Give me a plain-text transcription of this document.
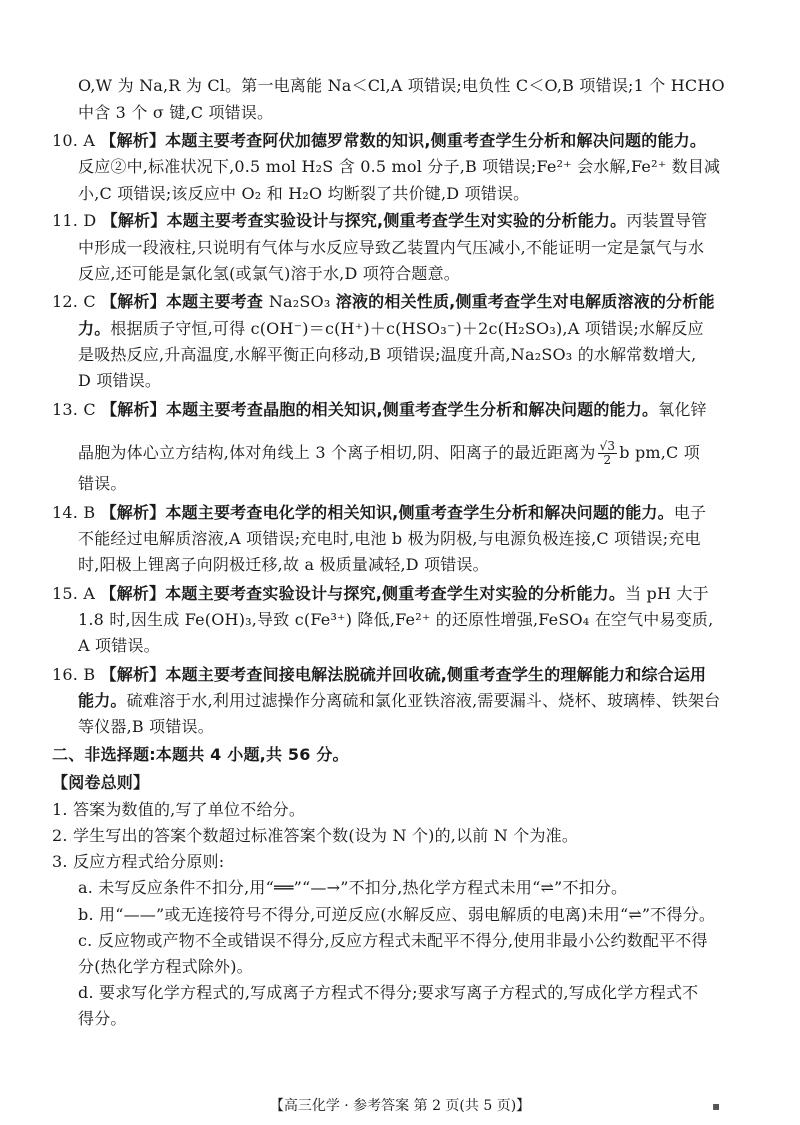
O,W 为 Na,R 为 Cl。第一电离能 Na＜Cl,A 项错误;电负性 C＜O,B 项错误;1 个 HCHO
中含 3 个 σ 键,C 项错误。
10. A 【解析】本题主要考查阿伏加德罗常数的知识,侧重考查学生分析和解决问题的能力。
反应②中,标准状况下,0.5 mol H₂S 含 0.5 mol 分子,B 项错误;Fe²⁺ 会水解,Fe²⁺ 数目减
小,C 项错误;该反应中 O₂ 和 H₂O 均断裂了共价键,D 项错误。
11. D 【解析】本题主要考查实验设计与探究,侧重考查学生对实验的分析能力。丙装置导管
中形成一段液柱,只说明有气体与水反应导致乙装置内气压减小,不能证明一定是氯气与水
反应,还可能是氯化氢(或氯气)溶于水,D 项符合题意。
12. C 【解析】本题主要考查 Na₂SO₃ 溶液的相关性质,侧重考查学生对电解质溶液的分析能
力。根据质子守恒,可得 c(OH⁻)＝c(H⁺)＋c(HSO₃⁻)＋2c(H₂SO₃),A 项错误;水解反应
是吸热反应,升高温度,水解平衡正向移动,B 项错误;温度升高,Na₂SO₃ 的水解常数增大,
D 项错误。
13. C 【解析】本题主要考查晶胞的相关知识,侧重考查学生分析和解决问题的能力。氧化锌
晶胞为体心立方结构,体对角线上 3 个离子相切,阴、阳离子的最近距离为 $\frac{√3}{2}$ b pm,C 项
错误。
14. B 【解析】本题主要考查电化学的相关知识,侧重考查学生分析和解决问题的能力。电子
不能经过电解质溶液,A 项错误;充电时,电池 b 极为阴极,与电源负极连接,C 项错误;充电
时,阳极上锂离子向阴极迁移,故 a 极质量减轻,D 项错误。
15. A 【解析】本题主要考查实验设计与探究,侧重考查学生对实验的分析能力。当 pH 大于
1.8 时,因生成 Fe(OH)₃,导致 c(Fe³⁺) 降低,Fe²⁺ 的还原性增强,FeSO₄ 在空气中易变质,
A 项错误。
16. B 【解析】本题主要考查间接电解法脱硫并回收硫,侧重考查学生的理解能力和综合运用
能力。硫难溶于水,利用过滤操作分离硫和氯化亚铁溶液,需要漏斗、烧杯、玻璃棒、铁架台
等仪器,B 项错误。
二、非选择题:本题共 4 小题,共 56 分。
【阅卷总则】
1. 答案为数值的,写了单位不给分。
2. 学生写出的答案个数超过标准答案个数(设为 N 个)的,以前 N 个为准。
3. 反应方程式给分原则:
a. 未写反应条件不扣分,用“══”“—→”不扣分,热化学方程式未用“⇌”不扣分。
b. 用“——”或无连接符号不得分,可逆反应(水解反应、弱电解质的电离)未用“⇌”不得分。
c. 反应物或产物不全或错误不得分,反应方程式未配平不得分,使用非最小公约数配平不得
分(热化学方程式除外)。
d. 要求写化学方程式的,写成离子方程式不得分;要求写离子方程式的,写成化学方程式不
得分。
【高三化学 · 参考答案 第 2 页(共 5 页)】	▪
